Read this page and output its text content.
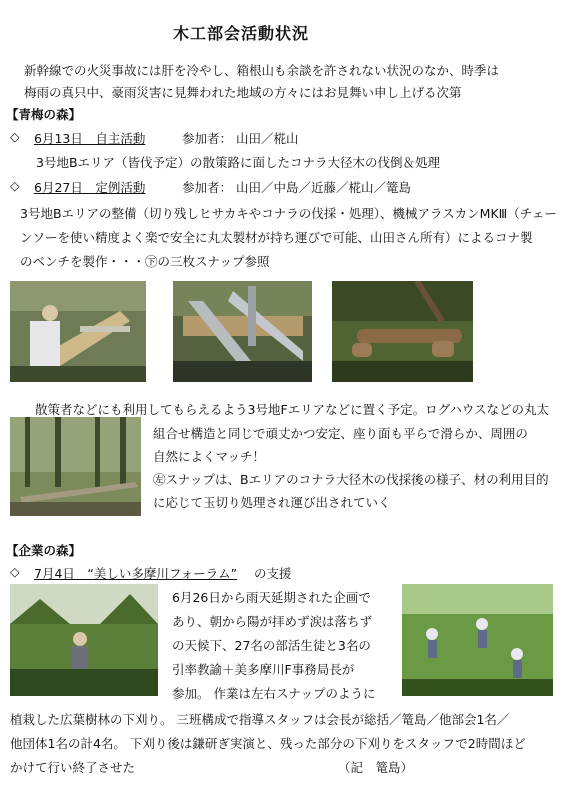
木工部会活動状況
新幹線での火災事故には肝を冷やし、箱根山も余談を許されない状況のなか、時季は
梅雨の真只中、豪雨災害に見舞われた地域の方々にはお見舞い申し上げる次第
【青梅の森】
◇ 6月13日　自主活動	参加者： 山田／椛山
3号地Bエリア（皆伐予定）の散策路に面したコナラ大径木の伐倒＆処理
◇ 6月27日　定例活動	参加者： 山田／中島／近藤／椛山／篭島
3号地Bエリアの整備（切り残しヒサカキやコナラの伐採・処理）、機械アラスカンMKⅢ（チェー
ンソーを使い精度よく楽で安全に丸太製材が持ち運びで可能、山田さん所有）によるコナ製
のベンチを製作・・・㊦の三枚スナップ参照
散策者などにも利用してもらえるよう3号地Fエリアなどに置く予定。ログハウスなどの丸太
組合せ構造と同じで頑丈かつ安定、座り面も平らで滑らか、周囲の
自然によくマッチ！
㊧スナップは、Bエリアのコナラ大径木の伐採後の様子、材の利用目的
に応じて玉切り処理され運び出されていく
【企業の森】
◇ 7月4日　“美しい多摩川フォーラム” の支援
6月26日から雨天延期された企画で
あり、朝から陽が拝めず涙は落ちず
の天候下、27名の部活生徒と3名の
引率教諭＋美多摩川F事務局長が
参加。 作業は左右スナップのように
植栽した広葉樹林の下刈り。 三班構成で指導スタッフは会長が総括／篭島／他部会1名／
他団体1名の計4名。 下刈り後は鎌研ぎ実演と、残った部分の下刈りをスタッフで2時間ほど
かけて行い終了させた	（記　篭島）
